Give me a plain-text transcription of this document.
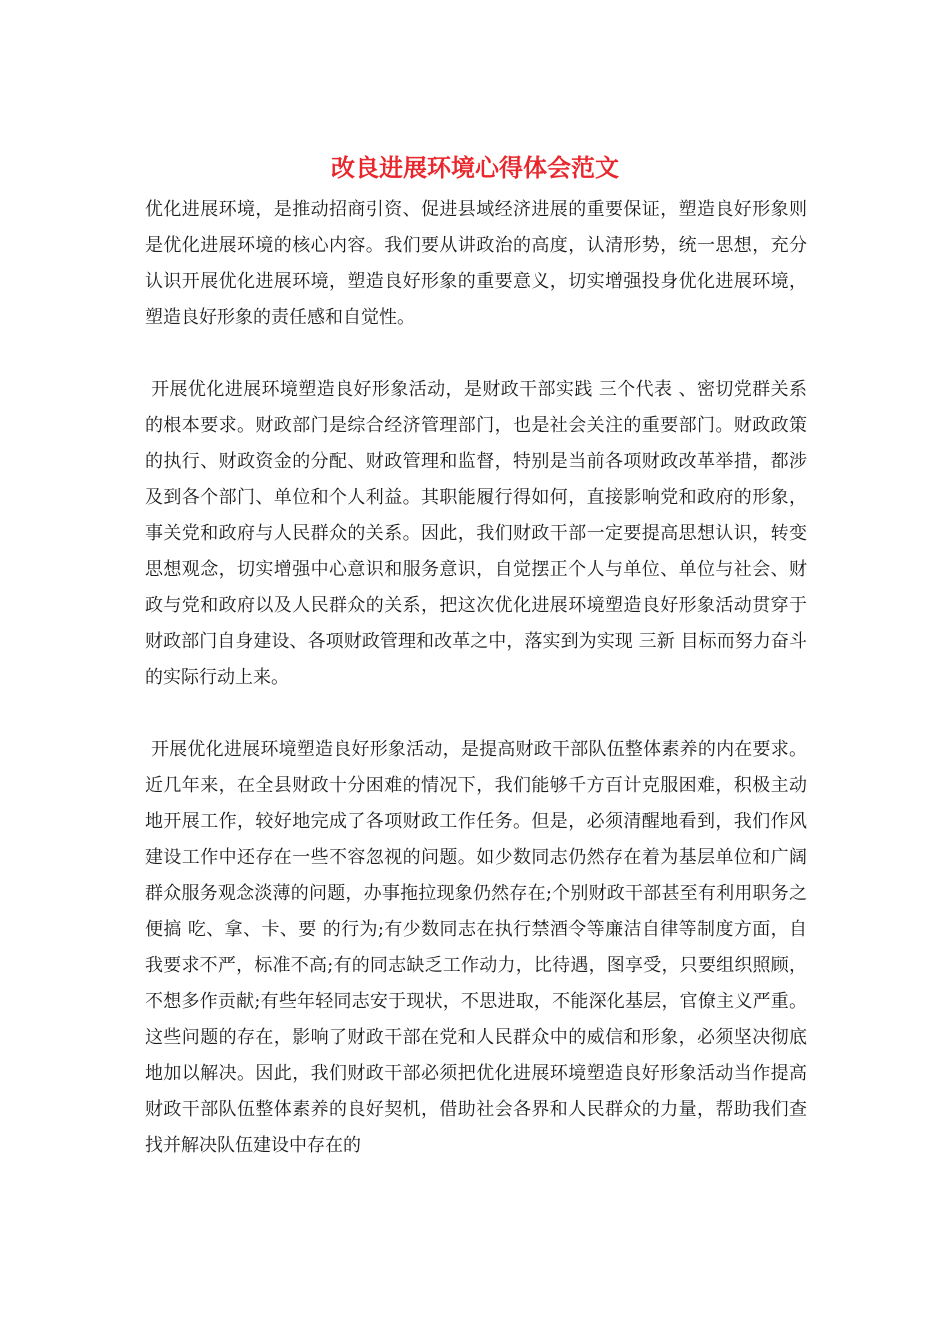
改良进展环境心得体会范文

优化进展环境，是推动招商引资、促进县域经济进展的重要保证，塑造良好形象则是优化进展环境的核心内容。我们要从讲政治的高度，认清形势，统一思想，充分认识开展优化进展环境，塑造良好形象的重要意义，切实增强投身优化进展环境，塑造良好形象的责任感和自觉性。

开展优化进展环境塑造良好形象活动，是财政干部实践 三个代表 、密切党群关系的根本要求。财政部门是综合经济管理部门，也是社会关注的重要部门。财政政策的执行、财政资金的分配、财政管理和监督，特别是当前各项财政改革举措，都涉及到各个部门、单位和个人利益。其职能履行得如何，直接影响党和政府的形象，事关党和政府与人民群众的关系。因此，我们财政干部一定要提高思想认识，转变思想观念，切实增强中心意识和服务意识，自觉摆正个人与单位、单位与社会、财政与党和政府以及人民群众的关系，把这次优化进展环境塑造良好形象活动贯穿于财政部门自身建设、各项财政管理和改革之中，落实到为实现 三新 目标而努力奋斗的实际行动上来。

开展优化进展环境塑造良好形象活动，是提高财政干部队伍整体素养的内在要求。 近几年来，在全县财政十分困难的情况下，我们能够千方百计克服困难，积极主动地开展工作，较好地完成了各项财政工作任务。但是，必须清醒地看到，我们作风建设工作中还存在一些不容忽视的问题。如少数同志仍然存在着为基层单位和广阔群众服务观念淡薄的问题，办事拖拉现象仍然存在;个别财政干部甚至有利用职务之便搞 吃、拿、卡、要 的行为;有少数同志在执行禁酒令等廉洁自律等制度方面，自我要求不严，标准不高;有的同志缺乏工作动力，比待遇，图享受，只要组织照顾，不想多作贡献;有些年轻同志安于现状，不思进取，不能深化基层，官僚主义严重。这些问题的存在，影响了财政干部在党和人民群众中的威信和形象，必须坚决彻底地加以解决。因此，我们财政干部必须把优化进展环境塑造良好形象活动当作提高财政干部队伍整体素养的良好契机，借助社会各界和人民群众的力量，帮助我们查找并解决队伍建设中存在的
